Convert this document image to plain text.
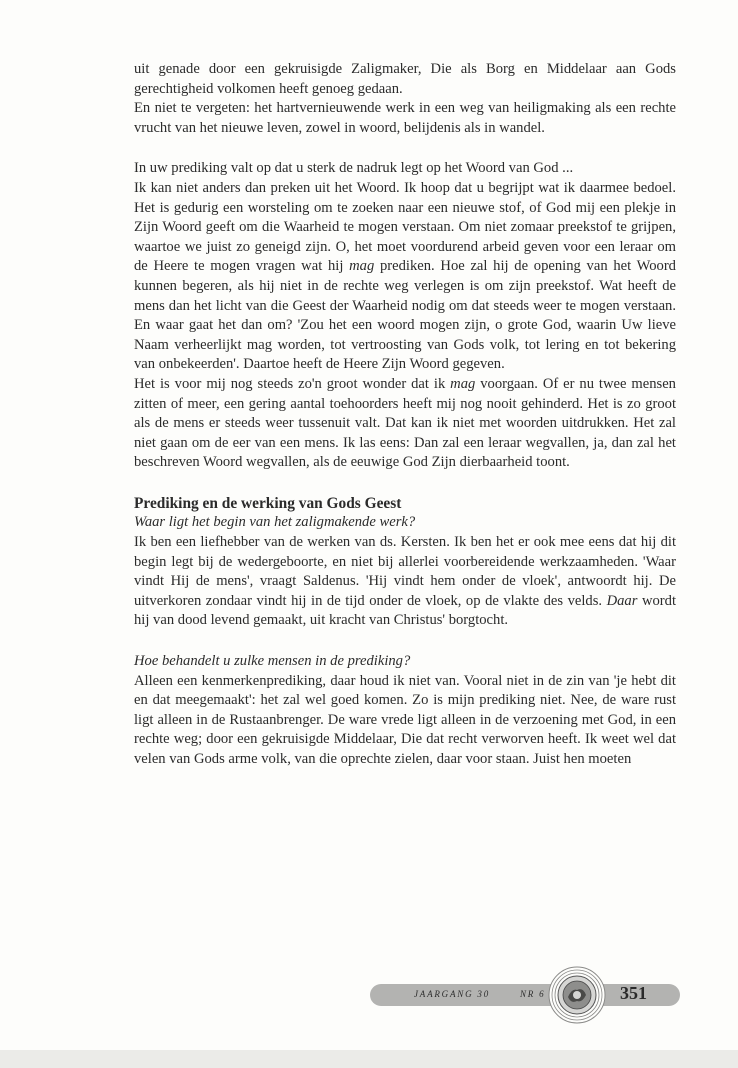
uit genade door een gekruisigde Zaligmaker, Die als Borg en Middelaar aan Gods gerechtigheid volkomen heeft genoeg gedaan.

En niet te vergeten: het hartvernieuwende werk in een weg van heiligmaking als een rechte vrucht van het nieuwe leven, zowel in woord, belijdenis als in wandel.

In uw prediking valt op dat u sterk de nadruk legt op het Woord van God ...

Ik kan niet anders dan preken uit het Woord. Ik hoop dat u begrijpt wat ik daarmee bedoel. Het is gedurig een worsteling om te zoeken naar een nieuwe stof, of God mij een plekje in Zijn Woord geeft om die Waarheid te mogen verstaan. Om niet zomaar preekstof te grijpen, waartoe we juist zo geneigd zijn. O, het moet voordurend arbeid geven voor een leraar om de Heere te mogen vragen wat hij mag prediken. Hoe zal hij de opening van het Woord kunnen begeren, als hij niet in de rechte weg verlegen is om zijn preekstof. Wat heeft de mens dan het licht van die Geest der Waarheid nodig om dat steeds weer te mogen verstaan. En waar gaat het dan om? 'Zou het een woord mogen zijn, o grote God, waarin Uw lieve Naam verheerlijkt mag worden, tot vertroosting van Gods volk, tot lering en tot bekering van onbekeerden'. Daartoe heeft de Heere Zijn Woord gegeven.

Het is voor mij nog steeds zo'n groot wonder dat ik mag voorgaan. Of er nu twee mensen zitten of meer, een gering aantal toehoorders heeft mij nog nooit gehinderd. Het is zo groot als de mens er steeds weer tussenuit valt. Dat kan ik niet met woorden uitdrukken. Het zal niet gaan om de eer van een mens. Ik las eens: Dan zal een leraar wegvallen, ja, dan zal het beschreven Woord wegvallen, als de eeuwige God Zijn dierbaarheid toont.

Prediking en de werking van Gods Geest

Waar ligt het begin van het zaligmakende werk?

Ik ben een liefhebber van de werken van ds. Kersten. Ik ben het er ook mee eens dat hij dit begin legt bij de wedergeboorte, en niet bij allerlei voorbereidende werkzaamheden. 'Waar vindt Hij de mens', vraagt Saldenus. 'Hij vindt hem onder de vloek', antwoordt hij. De uitverkoren zondaar vindt hij in de tijd onder de vloek, op de vlakte des velds. Daar wordt hij van dood levend gemaakt, uit kracht van Christus' borgtocht.

Hoe behandelt u zulke mensen in de prediking?

Alleen een kenmerkenprediking, daar houd ik niet van. Vooral niet in de zin van 'je hebt dit en dat meegemaakt': het zal wel goed komen. Zo is mijn prediking niet. Nee, de ware rust ligt alleen in de Rustaanbrenger. De ware vrede ligt alleen in de verzoening met God, in een rechte weg; door een gekruisigde Middelaar, Die dat recht verworven heeft. Ik weet wel dat velen van Gods arme volk, van die oprechte zielen, daar voor staan. Juist hen moeten

JAARGANG 30	NR 6	351
